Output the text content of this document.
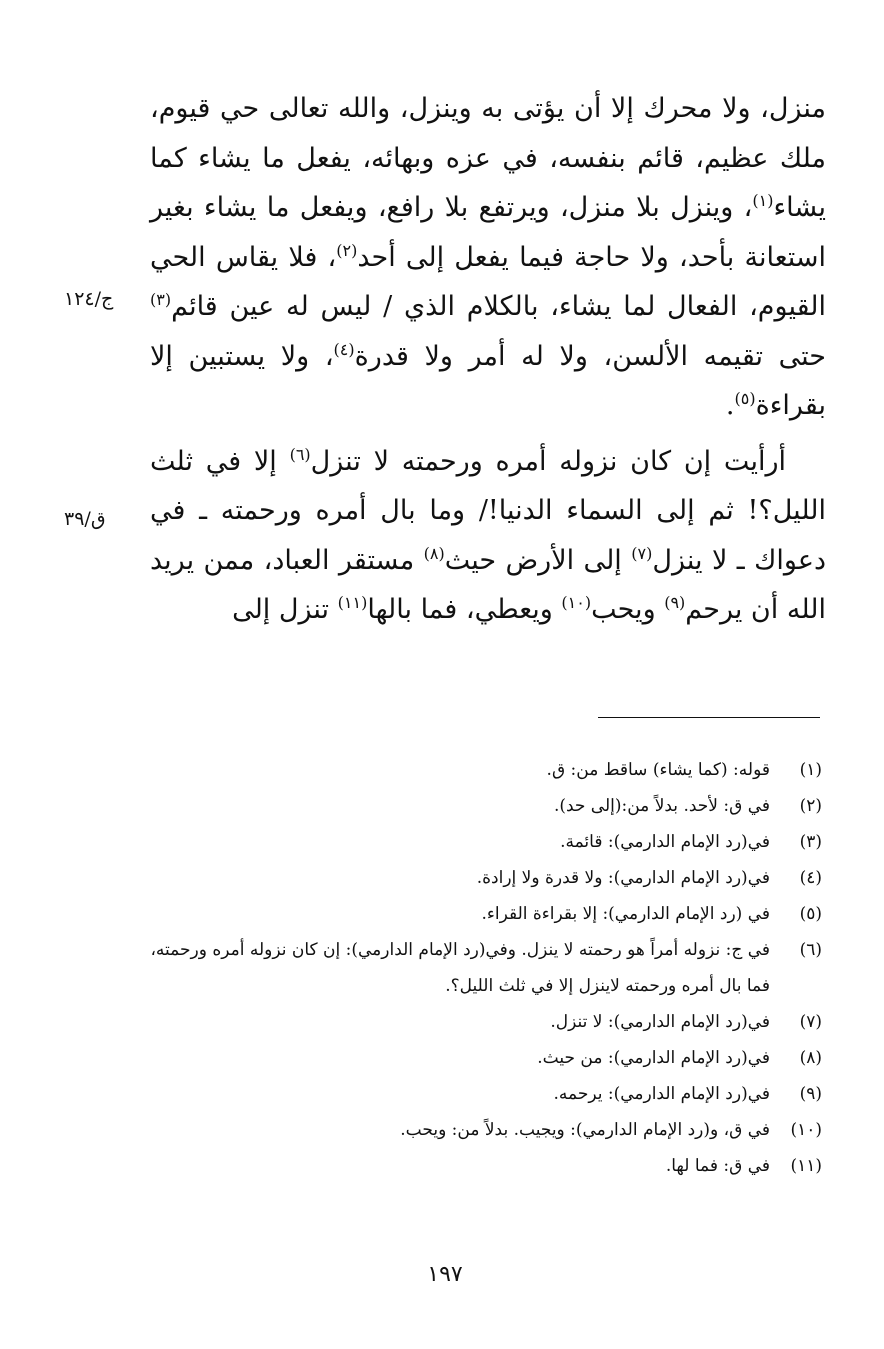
منزل، ولا محرك إلا أن يؤتى به وينزل، والله تعالى حي قيوم، ملك عظيم، قائم بنفسه، في عزه وبهائه، يفعل ما يشاء كما يشاء$^{(١)}$، وينزل بلا منزل، ويرتفع بلا رافع، ويفعل ما يشاء بغير استعانة بأحد، ولا حاجة فيما يفعل إلى أحد$^{(٢)}$، فلا يقاس الحي القيوم، الفعال لما يشاء، بالكلام الذي / ليس له عين قائم$^{(٣)}$ حتى تقيمه الألسن، ولا له أمر ولا قدرة$^{(٤)}$، ولا يستبين إلا بقراءة$^{(٥)}$.

أرأيت إن كان نزوله أمره ورحمته لا تنزل$^{(٦)}$ إلا في ثلث الليل؟! ثم إلى السماء الدنيا!/ وما بال أمره ورحمته ـ في دعواك ـ لا ينزل$^{(٧)}$ إلى الأرض حيث$^{(٨)}$ مستقر العباد، ممن يريد الله أن يرحم$^{(٩)}$ ويحب$^{(١٠)}$ ويعطي، فما بالها$^{(١١)}$ تنزل إلى

ج/١٢٤
ق/٣٩
(١)
قوله: (كما يشاء) ساقط من: ق.
(٢)
في ق: لأحد. بدلاً من:(إلى حد).
(٣)
في(رد الإمام الدارمي): قائمة.
(٤)
في(رد الإمام الدارمي): ولا قدرة ولا إرادة.
(٥)
في (رد الإمام الدارمي): إلا بقراءة القراء.
(٦)
في ج: نزوله أمراً هو رحمته لا ينزل. وفي(رد الإمام الدارمي): إن كان نزوله أمره ورحمته، فما بال أمره ورحمته لاينزل إلا في ثلث الليل؟.
(٧)
في(رد الإمام الدارمي): لا تنزل.
(٨)
في(رد الإمام الدارمي): من حيث.
(٩)
في(رد الإمام الدارمي): يرحمه.
(١٠)
في ق، و(رد الإمام الدارمي): ويجيب. بدلاً من: ويحب.
(١١)
في ق: فما لها.
١٩٧
